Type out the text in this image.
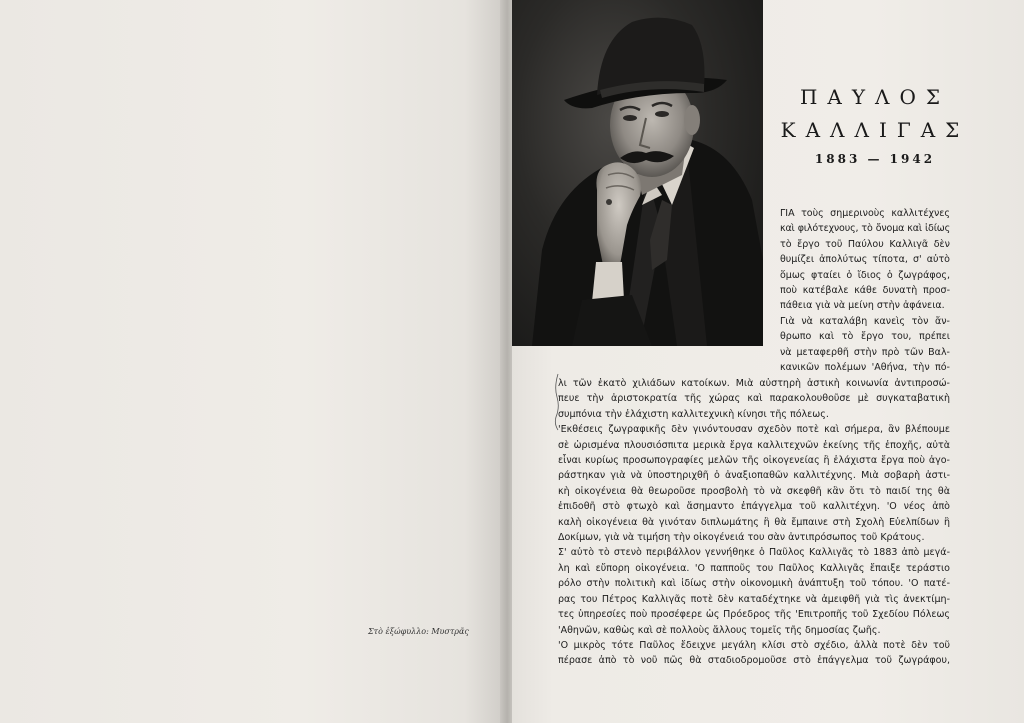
Στὸ ἐξώφυλλο: Μυστρᾶς
ΠΑΥΛΟΣ
ΚΑΛΛΙΓΑΣ
1883 — 1942
ΓΙΑ τοὺς σημερινοὺς καλλιτέχνες
καὶ φιλότεχνους, τὸ ὄνομα καὶ ἰδίως
τὸ ἔργο τοῦ Παύλου Καλλιγᾶ δὲν
θυμίζει ἀπολύτως τίποτα, σ' αὐτὸ
ὅμως φταίει ὁ ἴδιος ὁ ζωγράφος,
ποὺ κατέβαλε κάθε δυνατὴ προσ-
πάθεια γιὰ νὰ μείνη στὴν ἀφάνεια.
Γιὰ νὰ καταλάβη κανεὶς τὸν ἄν-
θρωπο καὶ τὸ ἔργο του, πρέπει
νὰ μεταφερθῆ στὴν πρὸ τῶν Βαλ-
κανικῶν πολέμων 'Αθήνα, τὴν πό-
λι τῶν ἑκατὸ χιλιάδων κατοίκων. Μιὰ αὐστηρὴ ἀστικὴ κοινωνία ἀντιπροσώ-
πευε τὴν ἀριστοκρατία τῆς χώρας καὶ παρακολουθοῦσε μὲ συγκαταβατικὴ
συμπόνια τὴν ἐλάχιστη καλλιτεχνικὴ κίνησι τῆς πόλεως.
'Εκθέσεις ζωγραφικῆς δὲν γινόντουσαν σχεδὸν ποτὲ καὶ σήμερα, ἂν βλέπουμε
σὲ ὡρισμένα πλουσιόσπιτα μερικὰ ἔργα καλλιτεχνῶν ἐκείνης τῆς ἐποχῆς, αὐτὰ
εἶναι κυρίως προσωπογραφίες μελῶν τῆς οἰκογενείας ἢ ἐλάχιστα ἔργα ποὺ ἀγο-
ράστηκαν γιὰ νὰ ὑποστηριχθῆ ὁ ἀναξιοπαθῶν καλλιτέχνης. Μιὰ σοβαρὴ ἀστι-
κὴ οἰκογένεια θὰ θεωροῦσε προσβολὴ τὸ νὰ σκεφθῆ κἂν ὅτι τὸ παιδί της θὰ
ἐπιδοθῆ στὸ φτωχὸ καὶ ἄσημαντο ἐπάγγελμα τοῦ καλλιτέχνη. 'Ο νέος ἀπὸ
καλὴ οἰκογένεια θὰ γινόταν διπλωμάτης ἢ θὰ ἔμπαινε στὴ Σχολὴ Εὐελπίδων ἢ
Δοκίμων, γιὰ νὰ τιμήση τὴν οἰκογένειά του σὰν ἀντιπρόσωπος τοῦ Κράτους.
Σ' αὐτὸ τὸ στενὸ περιβάλλον γεννήθηκε ὁ Παῦλος Καλλιγᾶς τὸ 1883 ἀπὸ μεγά-
λη καὶ εὔπορη οἰκογένεια. 'Ο παπποῦς του Παῦλος Καλλιγᾶς ἔπαιξε τεράστιο
ρόλο στὴν πολιτικὴ καὶ ἰδίως στὴν οἰκονομικὴ ἀνάπτυξη τοῦ τόπου. 'Ο πατέ-
ρας του Πέτρος Καλλιγᾶς ποτὲ δὲν καταδέχτηκε νὰ ἀμειφθῆ γιὰ τὶς ἀνεκτίμη-
τες ὑπηρεσίες ποὺ προσέφερε ὡς Πρόεδρος τῆς 'Επιτροπῆς τοῦ Σχεδίου Πόλεως
'Αθηνῶν, καθὼς καὶ σὲ πολλοὺς ἄλλους τομεῖς τῆς δημοσίας ζωῆς.
'Ο μικρὸς τότε Παῦλος ἔδειχνε μεγάλη κλίσι στὸ σχέδιο, ἀλλὰ ποτὲ δὲν τοῦ
πέρασε ἀπὸ τὸ νοῦ πῶς θὰ σταδιοδρομοῦσε στὸ ἐπάγγελμα τοῦ ζωγράφου,
